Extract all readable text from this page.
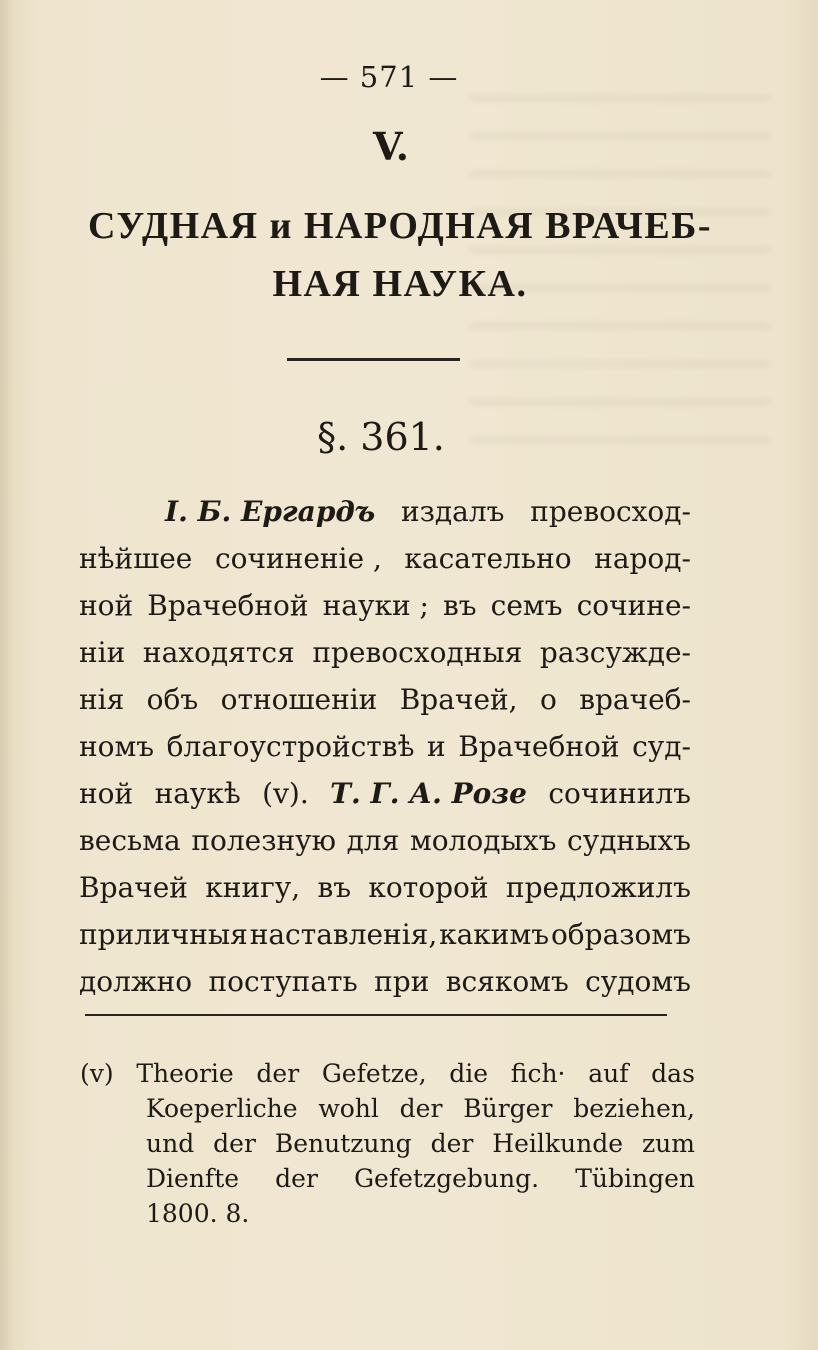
— 571 —
V.
СУДНАЯ и НАРОДНАЯ ВРАЧЕБ-
НАЯ НАУКА.
§. 361.
I. Б. Ергардъ издалъ превосход-
нѣйшее сочиненіе , касательно народ-
ной Врачебной науки ; въ семъ сочине-
ніи находятся превосходныя разсужде-
нія объ отношеніи Врачей, о врачеб-
номъ благоустройствѣ и Врачебной суд-
ной наукѣ (v). Т. Г. А. Розе сочинилъ
весьма полезную для молодыхъ судныхъ
Врачей книгу, въ которой предложилъ
приличныя наставленія, какимъ образомъ
должно поступать при всякомъ судомъ
(v) Theorie der Gefetze, die fich· auf das
Koeperliche wohl der Bürger beziehen,
und der Benutzung der Heilkunde zum
Dienfte der Gefetzgebung. Tübingen
1800. 8.
